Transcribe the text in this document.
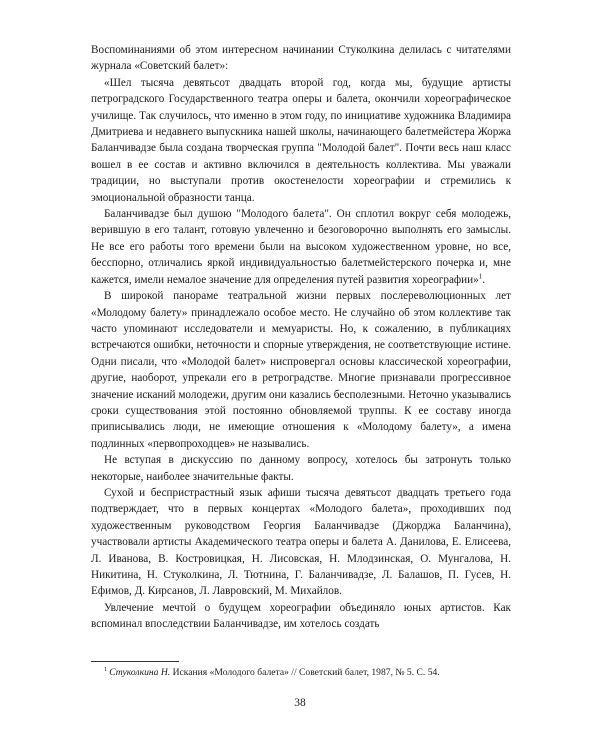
Воспоминаниями об этом интересном начинании Стуколкина делилась с читателями журнала «Советский балет»:

«Шел тысяча девятьсот двадцать второй год, когда мы, будущие артисты петроградского Государственного театра оперы и балета, окончили хореографическое училище. Так случилось, что именно в этом году, по инициативе художника Владимира Дмитриева и недавнего выпускника нашей школы, начинающего балетмейстера Жоржа Баланчивадзе была создана творческая группа "Молодой балет". Почти весь наш класс вошел в ее состав и активно включился в деятельность коллектива. Мы уважали традиции, но выступали против окостенелости хореографии и стремились к эмоциональной образности танца.

Баланчивадзе был душою "Молодого балета". Он сплотил вокруг себя молодежь, верившую в его талант, готовую увлеченно и безоговорочно выполнять его замыслы. Не все его работы того времени были на высоком художественном уровне, но все, бесспорно, отличались яркой индивидуальностью балетмейстерского почерка и, мне кажется, имели немалое значение для определения путей развития хореографии»$^1$.

В широкой панораме театральной жизни первых послереволюционных лет «Молодому балету» принадлежало особое место. Не случайно об этом коллективе так часто упоминают исследователи и мемуаристы. Но, к сожалению, в публикациях встречаются ошибки, неточности и спорные утверждения, не соответствующие истине. Одни писали, что «Молодой балет» ниспровергал основы классической хореографии, другие, наоборот, упрекали его в ретроградстве. Многие признавали прогрессивное значение исканий молодежи, другим они казались бесполезными. Неточно указывались сроки существования этой постоянно обновляемой труппы. К ее составу иногда приписывались люди, не имеющие отношения к «Молодому балету», а имена подлинных «первопроходцев» не назывались.

Не вступая в дискуссию по данному вопросу, хотелось бы затронуть только некоторые, наиболее значительные факты.

Сухой и беспристрастный язык афиши тысяча девятьсот двадцать третьего года подтверждает, что в первых концертах «Молодого балета», проходивших под художественным руководством Георгия Баланчивадзе (Джорджа Баланчина), участвовали артисты Академического театра оперы и балета А. Данилова, Е. Елисеева, Л. Иванова, В. Костровицкая, Н. Лисовская, Н. Млодзинская, О. Мунгалова, Н. Никитина, Н. Стуколкина, Л. Тютнина, Г. Баланчивадзе, Л. Балашов, П. Гусев, Н. Ефимов, Д. Кирсанов, Л. Лавровский, М. Михайлов.

Увлечение мечтой о будущем хореографии объединяло юных артистов. Как вспоминал впоследствии Баланчивадзе, им хотелось создать

$^1$ Стуколкина Н. Искания «Молодого балета» // Советский балет, 1987, № 5. С. 54.
38
